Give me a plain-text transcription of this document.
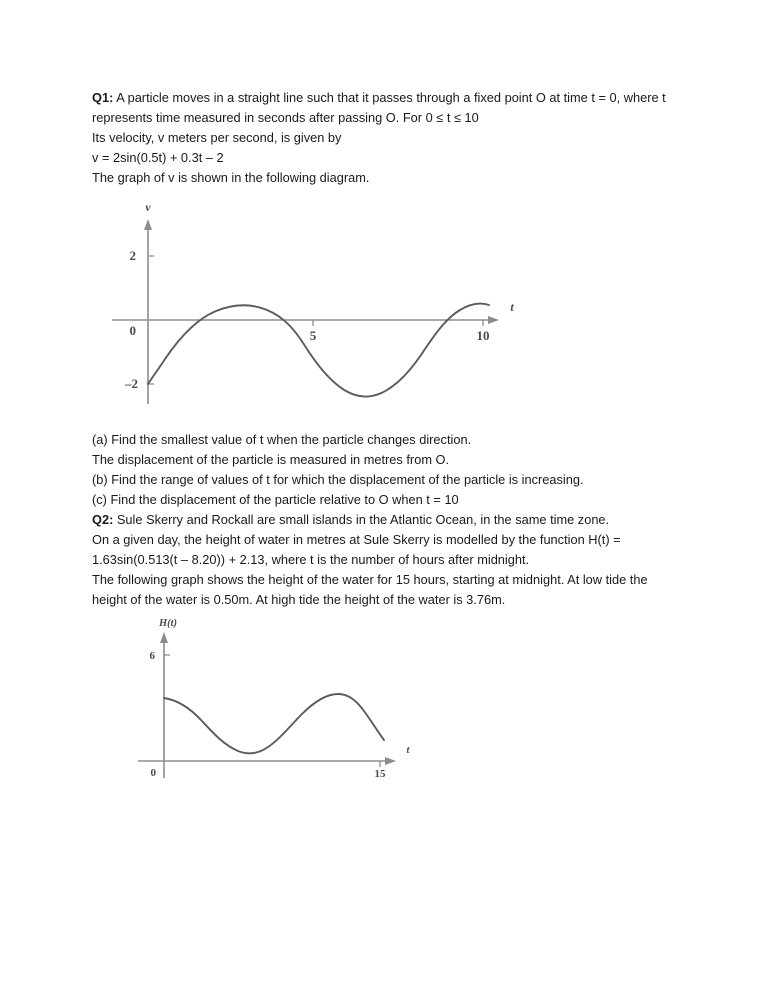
Q1: A particle moves in a straight line such that it passes through a fixed point O at time t = 0, where t represents time measured in seconds after passing O. For 0 ≤ t ≤ 10

Its velocity, v meters per second, is given by

v = 2sin(0.5t) + 0.3t – 2

The graph of v is shown in the following diagram.

2
–2
0	5	10
v
t

(a) Find the smallest value of t when the particle changes direction.

The displacement of the particle is measured in metres from O.

(b) Find the range of values of t for which the displacement of the particle is increasing.

(c) Find the displacement of the particle relative to O when t = 10

Q2: Sule Skerry and Rockall are small islands in the Atlantic Ocean, in the same time zone.

On a given day, the height of water in metres at Sule Skerry is modelled by the function H(t) = 1.63sin(0.513(t – 8.20)) + 2.13, where t is the number of hours after midnight.

The following graph shows the height of the water for 15 hours, starting at midnight. At low tide the height of the water is 0.50m. At high tide the height of the water is 3.76m.

6
0	15
H(t)
t
